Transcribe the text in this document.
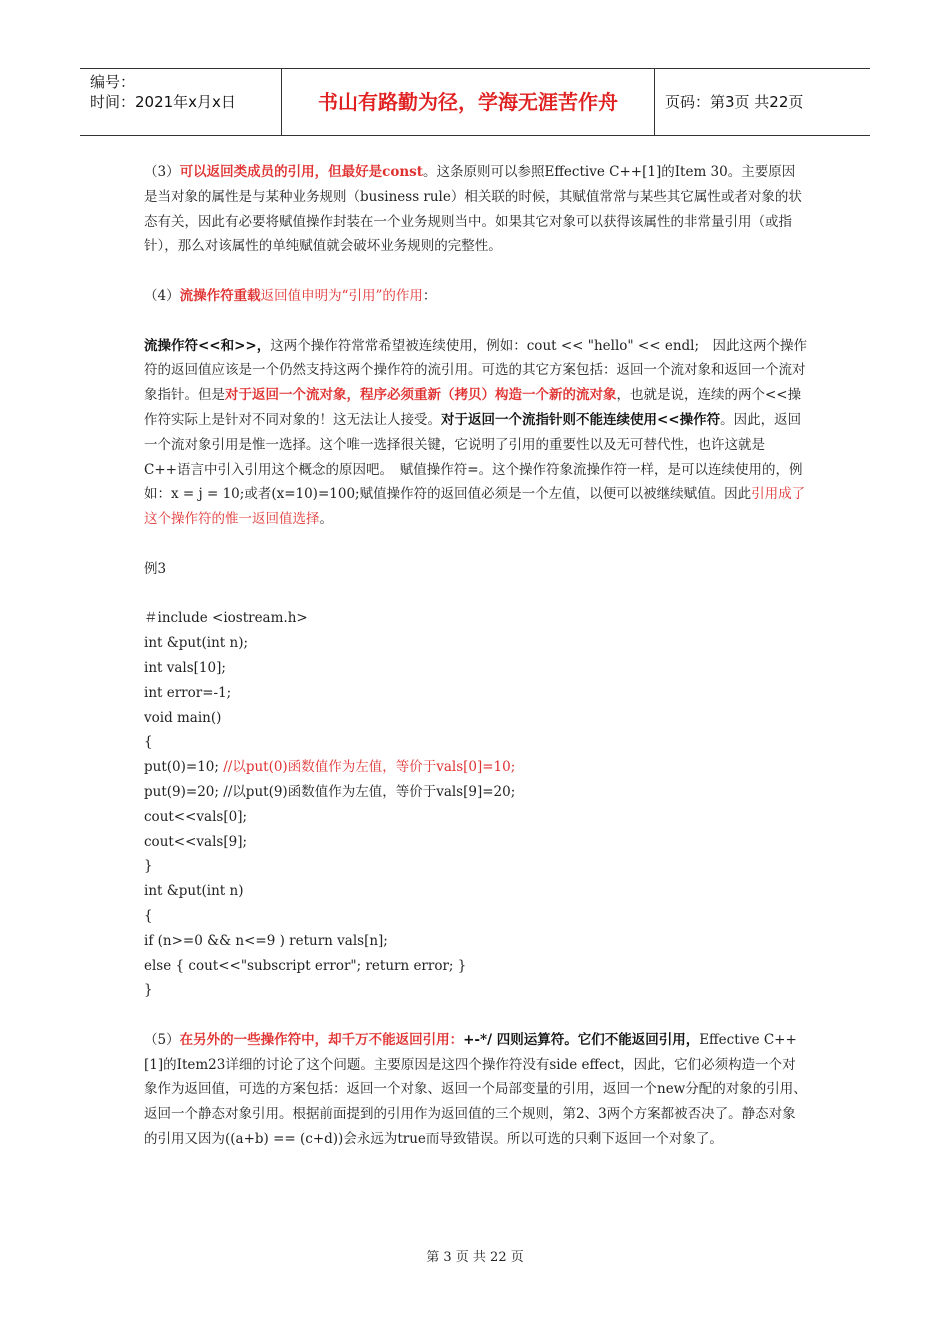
编号：
时间：2021年x月x日	书山有路勤为径，学海无涯苦作舟	页码：第3页 共22页

（3）可以返回类成员的引用，但最好是const。这条原则可以参照Effective C++[1]的Item 30。主要原因是当对象的属性是与某种业务规则（business rule）相关联的时候，其赋值常常与某些其它属性或者对象的状态有关，因此有必要将赋值操作封装在一个业务规则当中。如果其它对象可以获得该属性的非常量引用（或指针），那么对该属性的单纯赋值就会破坏业务规则的完整性。

（4）流操作符重载返回值申明为“引用”的作用：

流操作符<<和>>，这两个操作符常常希望被连续使用，例如：cout << "hello" << endl;　因此这两个操作符的返回值应该是一个仍然支持这两个操作符的流引用。可选的其它方案包括：返回一个流对象和返回一个流对象指针。但是对于返回一个流对象，程序必须重新（拷贝）构造一个新的流对象，也就是说，连续的两个<<操作符实际上是针对不同对象的！这无法让人接受。对于返回一个流指针则不能连续使用<<操作符。因此，返回一个流对象引用是惟一选择。这个唯一选择很关键，它说明了引用的重要性以及无可替代性，也许这就是C++语言中引入引用这个概念的原因吧。　赋值操作符=。这个操作符象流操作符一样，是可以连续使用的，例如：x = j = 10;或者(x=10)=100;赋值操作符的返回值必须是一个左值，以便可以被继续赋值。因此引用成了这个操作符的惟一返回值选择。

例3

＃include <iostream.h>
int &put(int n);
int vals[10];
int error=-1;
void main()
{
put(0)=10; //以put(0)函数值作为左值，等价于vals[0]=10;
put(9)=20; //以put(9)函数值作为左值，等价于vals[9]=20;
cout<<vals[0];
cout<<vals[9];
}
int &put(int n)
{
if (n>=0 && n<=9 ) return vals[n];
else { cout<<"subscript error"; return error; }
}

（5）在另外的一些操作符中，却千万不能返回引用：+-*/ 四则运算符。它们不能返回引用，Effective C++[1]的Item23详细的讨论了这个问题。主要原因是这四个操作符没有side effect，因此，它们必须构造一个对象作为返回值，可选的方案包括：返回一个对象、返回一个局部变量的引用，返回一个new分配的对象的引用、返回一个静态对象引用。根据前面提到的引用作为返回值的三个规则，第2、3两个方案都被否决了。静态对象的引用又因为((a+b) == (c+d))会永远为true而导致错误。所以可选的只剩下返回一个对象了。

第 3 页 共 22 页
